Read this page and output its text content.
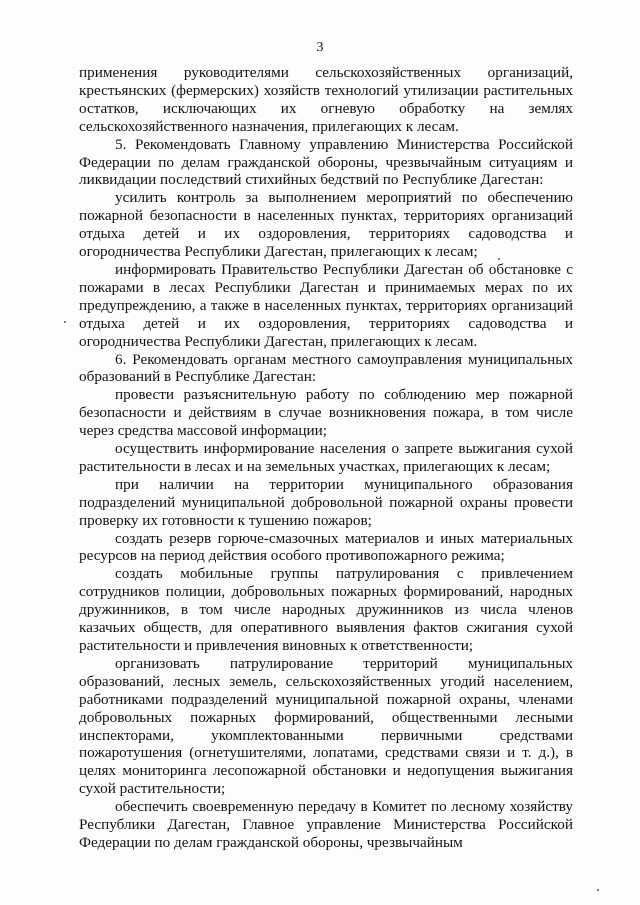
3

применения руководителями сельскохозяйственных организаций, крестьянских (фермерских) хозяйств технологий утилизации растительных остатков, исключающих их огневую обработку на землях сельскохозяйственного назначения, прилегающих к лесам.

5. Рекомендовать Главному управлению Министерства Российской Федерации по делам гражданской обороны, чрезвычайным ситуациям и ликвидации последствий стихийных бедствий по Республике Дагестан:

усилить контроль за выполнением мероприятий по обеспечению пожарной безопасности в населенных пунктах, территориях организаций отдыха детей и их оздоровления, территориях садоводства и огородничества Республики Дагестан, прилегающих к лесам;

информировать Правительство Республики Дагестан об обстановке с пожарами в лесах Республики Дагестан и принимаемых мерах по их предупреждению, а также в населенных пунктах, территориях организаций отдыха детей и их оздоровления, территориях садоводства и огородничества Республики Дагестан, прилегающих к лесам.

6. Рекомендовать органам местного самоуправления муниципальных образований в Республике Дагестан:

провести разъяснительную работу по соблюдению мер пожарной безопасности и действиям в случае возникновения пожара, в том числе через средства массовой информации;

осуществить информирование населения о запрете выжигания сухой растительности в лесах и на земельных участках, прилегающих к лесам;

при наличии на территории муниципального образования подразделений муниципальной добровольной пожарной охраны провести проверку их готовности к тушению пожаров;

создать резерв горюче-смазочных материалов и иных материальных ресурсов на период действия особого противопожарного режима;

создать мобильные группы патрулирования с привлечением сотрудников полиции, добровольных пожарных формирований, народных дружинников, в том числе народных дружинников из числа членов казачьих обществ, для оперативного выявления фактов сжигания сухой растительности и привлечения виновных к ответственности;

организовать патрулирование территорий муниципальных образований, лесных земель, сельскохозяйственных угодий населением, работниками подразделений муниципальной пожарной охраны, членами добровольных пожарных формирований, общественными лесными инспекторами, укомплектованными первичными средствами пожаротушения (огнетушителями, лопатами, средствами связи и т. д.), в целях мониторинга лесопожарной обстановки и недопущения выжигания сухой растительности;

обеспечить своевременную передачу в Комитет по лесному хозяйству Республики Дагестан, Главное управление Министерства Российской Федерации по делам гражданской обороны, чрезвычайным
